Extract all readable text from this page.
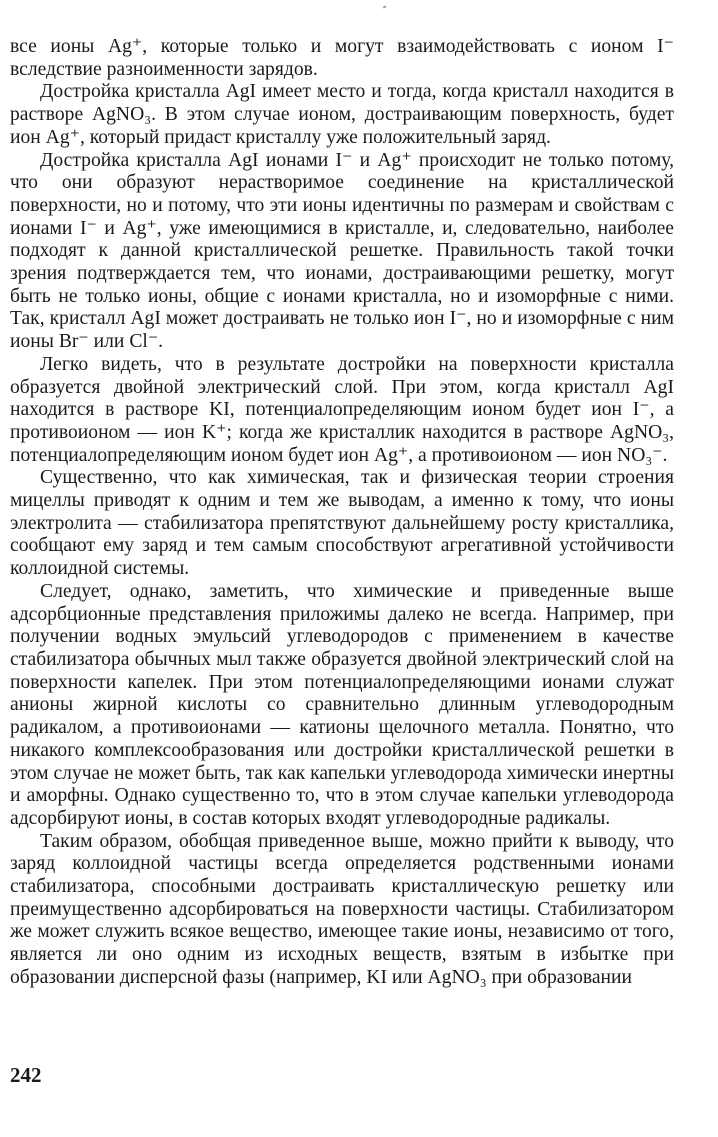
все ионы Ag⁺, которые только и могут взаимодействовать с ионом I⁻ вследствие разноименности зарядов.

Достройка кристалла AgI имеет место и тогда, когда кристалл находится в растворе AgNO₃. В этом случае ионом, достраивающим поверхность, будет ион Ag⁺, который придаст кристаллу уже положительный заряд.

Достройка кристалла AgI ионами I⁻ и Ag⁺ происходит не только потому, что они образуют нерастворимое соединение на кристаллической поверхности, но и потому, что эти ионы идентичны по размерам и свойствам с ионами I⁻ и Ag⁺, уже имеющимися в кристалле, и, следовательно, наиболее подходят к данной кристаллической решетке. Правильность такой точки зрения подтверждается тем, что ионами, достраивающими решетку, могут быть не только ионы, общие с ионами кристалла, но и изоморфные с ними. Так, кристалл AgI может достраивать не только ион I⁻, но и изоморфные с ним ионы Br⁻ или Cl⁻.

Легко видеть, что в результате достройки на поверхности кристалла образуется двойной электрический слой. При этом, когда кристалл AgI находится в растворе KI, потенциалопределяющим ионом будет ион I⁻, а противоионом — ион K⁺; когда же кристаллик находится в растворе AgNO₃, потенциалопределяющим ионом будет ион Ag⁺, а противоионом — ион NO₃⁻.

Существенно, что как химическая, так и физическая теории строения мицеллы приводят к одним и тем же выводам, а именно к тому, что ионы электролита — стабилизатора препятствуют дальнейшему росту кристаллика, сообщают ему заряд и тем самым способствуют агрегативной устойчивости коллоидной системы.

Следует, однако, заметить, что химические и приведенные выше адсорбционные представления приложимы далеко не всегда. Например, при получении водных эмульсий углеводородов с применением в качестве стабилизатора обычных мыл также образуется двойной электрический слой на поверхности капелек. При этом потенциалопределяющими ионами служат анионы жирной кислоты со сравнительно длинным углеводородным радикалом, а противоионами — катионы щелочного металла. Понятно, что никакого комплексообразования или достройки кристаллической решетки в этом случае не может быть, так как капельки углеводорода химически инертны и аморфны. Однако существенно то, что в этом случае капельки углеводорода адсорбируют ионы, в состав которых входят углеводородные радикалы.

Таким образом, обобщая приведенное выше, можно прийти к выводу, что заряд коллоидной частицы всегда определяется родственными ионами стабилизатора, способными достраивать кристаллическую решетку или преимущественно адсорбироваться на поверхности частицы. Стабилизатором же может служить всякое вещество, имеющее такие ионы, независимо от того, является ли оно одним из исходных веществ, взятым в избытке при образовании дисперсной фазы (например, KI или AgNO₃ при образовании

242
